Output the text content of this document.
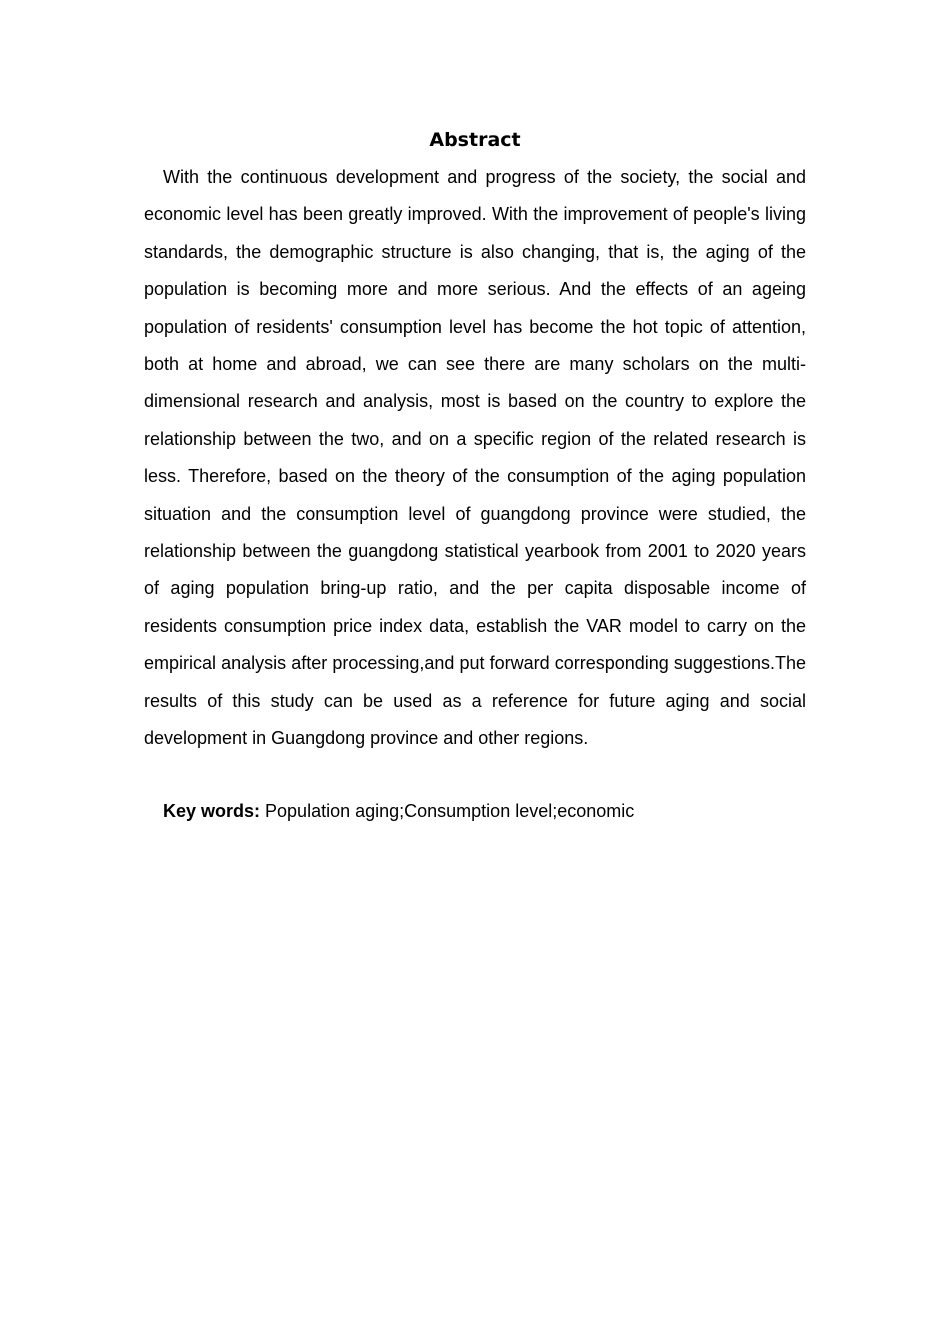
Abstract

With the continuous development and progress of the society, the social and economic level has been greatly improved. With the improvement of people's living standards, the demographic structure is also changing, that is, the aging of the population is becoming more and more serious. And the effects of an ageing population of residents' consumption level has become the hot topic of attention, both at home and abroad, we can see there are many scholars on the multi-dimensional research and analysis, most is based on the country to explore the relationship between the two, and on a specific region of the related research is less. Therefore, based on the theory of the consumption of the aging population situation and the consumption level of guangdong province were studied, the relationship between the guangdong statistical yearbook from 2001 to 2020 years of aging population bring-up ratio, and the per capita disposable income of residents consumption price index data, establish the VAR model to carry on the empirical analysis after processing,and put forward corresponding suggestions.The results of this study can be used as a reference for future aging and social development in Guangdong province and other regions.

Key words: Population aging;Consumption level;economic
